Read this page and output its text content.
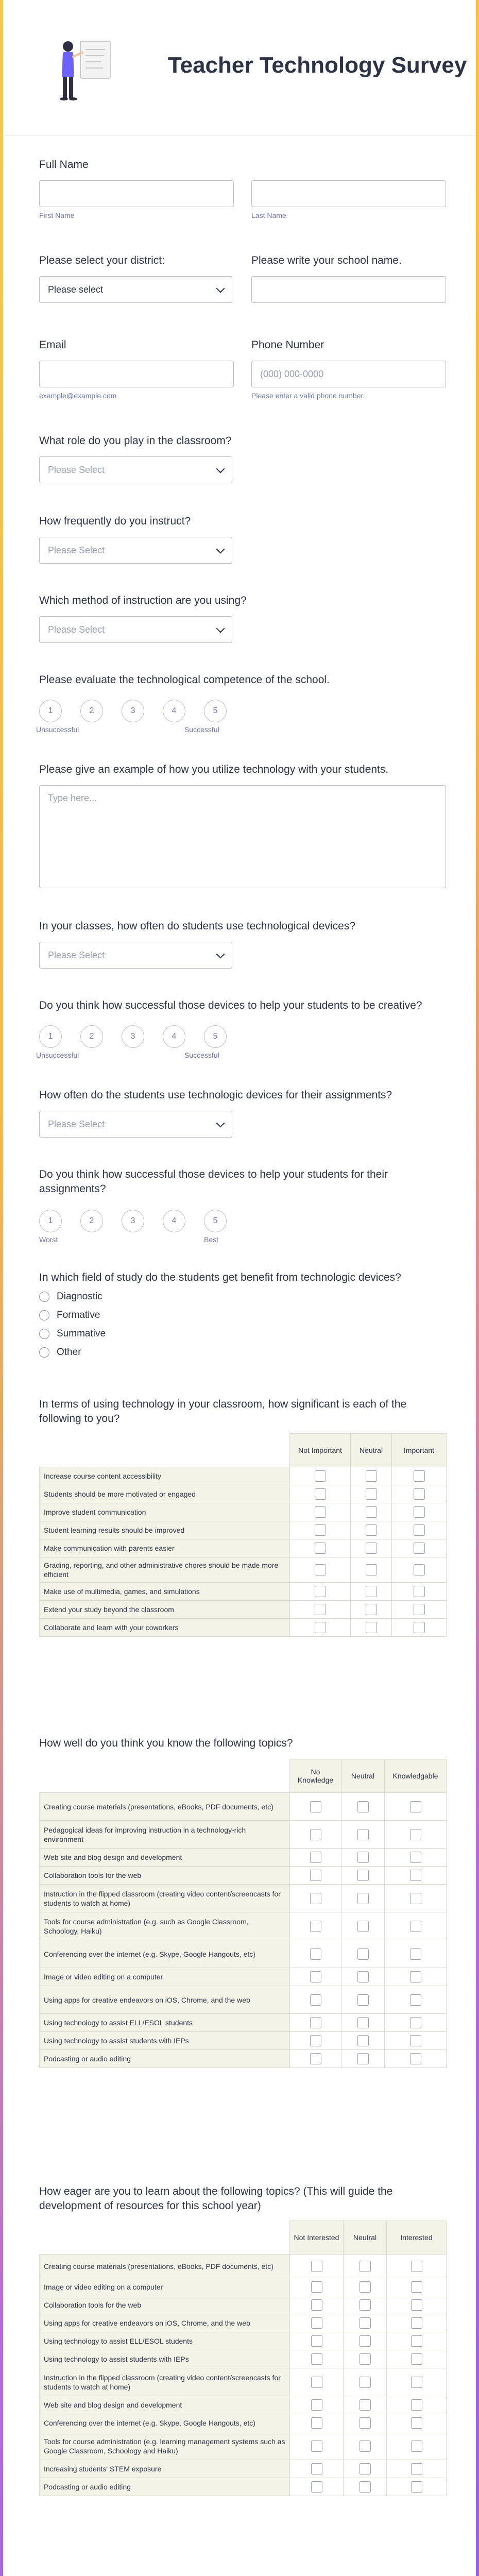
Teacher Technology Survey
Full Name
First Name	Last Name
Please select your district:
Please select
Please write your school name.
Email
example@example.com
Phone Number
(000) 000-0000
Please enter a valid phone number.
What role do you play in the classroom?
Please Select
How frequently do you instruct?
Please Select
Which method of instruction are you using?
Please Select
Please evaluate the technological competence of the school.
1	2	3	4	5
Unsuccessful	Successful
Please give an example of how you utilize technology with your students.
Type here...
In your classes, how often do students use technological devices?
Please Select
Do you think how successful those devices to help your students to be creative?
1	2	3	4	5
Unsuccessful	Successful
How often do the students use technologic devices for their assignments?
Please Select
Do you think how successful those devices to help your students for their assignments?
1	2	3	4	5
Worst	Best
In which field of study do the students get benefit from technologic devices?
Diagnostic
Formative
Summative
Other
In terms of using technology in your classroom, how significant is each of the following to you?
	Not Important	Neutral	Important
Increase course content accessibility			
Students should be more motivated or engaged			
Improve student communication			
Student learning results should be improved			
Make communication with parents easier			
Grading, reporting, and other administrative chores should be made more efficient			
Make use of multimedia, games, and simulations			
Extend your study beyond the classroom			
Collaborate and learn with your coworkers			
How well do you think you know the following topics?
	No Knowledge	Neutral	Knowledgable
Creating course materials (presentations, eBooks, PDF documents, etc)			
Pedagogical ideas for improving instruction in a technology-rich environment			
Web site and blog design and development			
Collaboration tools for the web			
Instruction in the flipped classroom (creating video content/screencasts for students to watch at home)			
Tools for course administration (e.g. such as Google Classroom, Schoology, Haiku)			
Conferencing over the internet (e.g. Skype, Google Hangouts, etc)			
Image or video editing on a computer			
Using apps for creative endeavors on iOS, Chrome, and the web			
Using technology to assist ELL/ESOL students			
Using technology to assist students with IEPs			
Podcasting or audio editing			
How eager are you to learn about the following topics? (This will guide the development of resources for this school year)
	Not Interested	Neutral	Interested
Creating course materials (presentations, eBooks, PDF documents, etc)			
Image or video editing on a computer			
Collaboration tools for the web			
Using apps for creative endeavors on iOS, Chrome, and the web			
Using technology to assist ELL/ESOL students			
Using technology to assist students with IEPs			
Instruction in the flipped classroom (creating video content/screencasts for students to watch at home)			
Web site and blog design and development			
Conferencing over the internet (e.g. Skype, Google Hangouts, etc)			
Tools for course administration (e.g. learning management systems such as Google Classroom, Schoology and Haiku)			
Increasing students' STEM exposure			
Podcasting or audio editing			
